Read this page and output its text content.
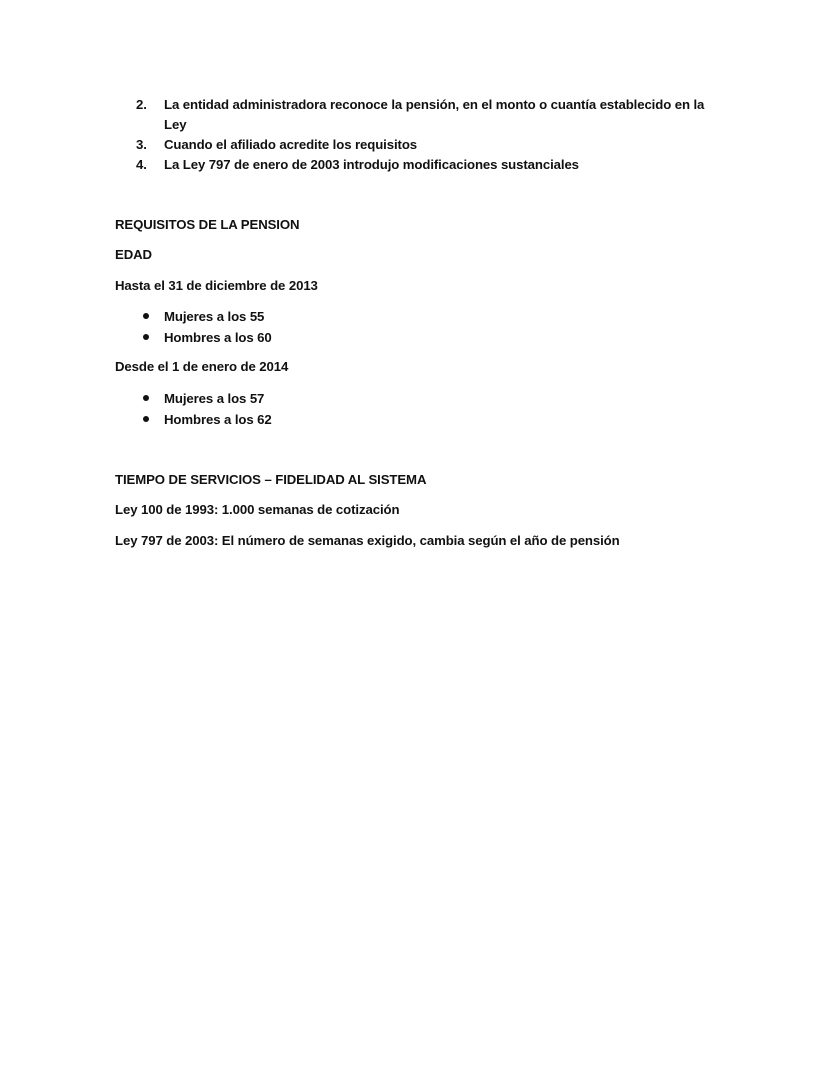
2.	La entidad administradora reconoce la pensión, en el monto o cuantía establecido en la Ley
3.	Cuando el afiliado acredite los requisitos
4.	La Ley 797 de enero de 2003 introdujo modificaciones sustanciales

REQUISITOS DE LA PENSION

EDAD

Hasta el 31 de diciembre de 2013

Mujeres a los 55
Hombres a los 60

Desde el 1 de enero de 2014

Mujeres a los 57
Hombres a los 62

TIEMPO DE SERVICIOS – FIDELIDAD AL SISTEMA

Ley 100 de 1993: 1.000 semanas de cotización

Ley 797 de 2003: El número de semanas exigido, cambia según el año de pensión
